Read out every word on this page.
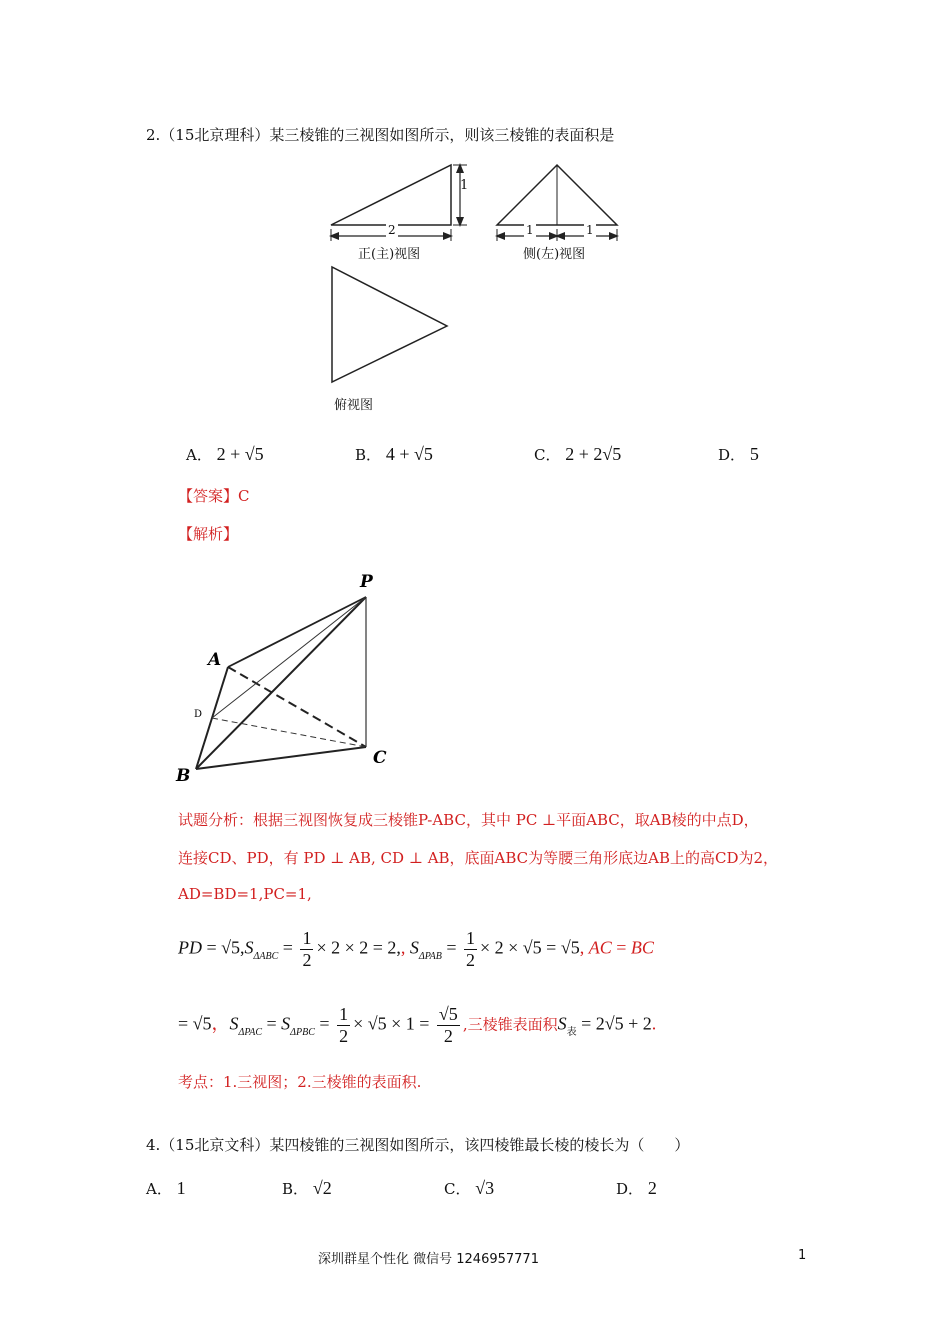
2.（15北京理科）某三棱锥的三视图如图所示，则该三棱锥的表面积是
1
2	1	1
正(主)视图	侧(左)视图
俯视图
A． 2 + √5	B． 4 + √5	C． 2 + 2√5	D． 5
【答案】C
【解析】
P
A
D
B
C
试题分析：根据三视图恢复成三棱锥P-ABC，其中 PC ⊥平面ABC，取AB棱的中点D，
连接CD、PD，有 PD ⊥ AB, CD ⊥ AB，底面ABC为等腰三角形底边AB上的高CD为2，
AD=BD=1,PC=1,
PD = $√5,S_{\Delta ABC} = \frac{1}{2} \times 2 \times 2 = 2$,, $S_{\Delta PAB} = \frac{1}{2} \times 2 \times √5 = √5$, AC = BC
= √5，$S_{\Delta PAC} = S_{\Delta PBC} = \frac{1}{2} \times √5 \times 1 = \frac{√5}{2}$ ,三棱锥表面积$S_表 = 2√5 + 2$.
考点：1.三视图；2.三棱锥的表面积.
4.（15北京文科）某四棱锥的三视图如图所示，该四棱锥最长棱的棱长为（　　）
A． 1	B． √2	C． √3	D． 2
深圳群星个性化 微信号 1246957771	1
